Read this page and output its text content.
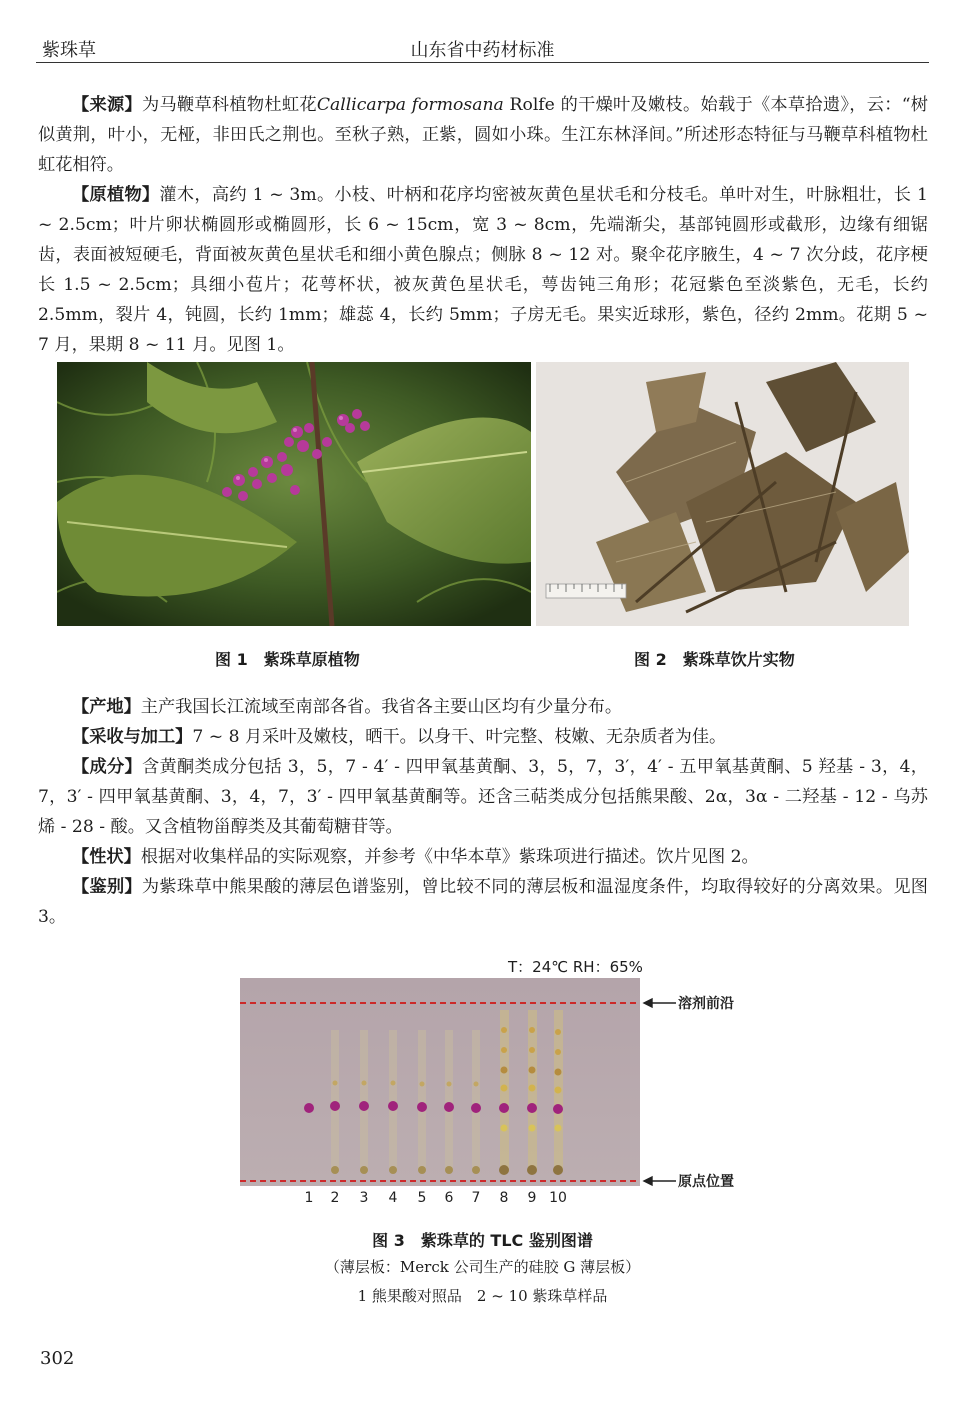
紫珠草	山东省中药材标准

【来源】为马鞭草科植物杜虹花Callicarpa formosana Rolfe 的干燥叶及嫩枝。始载于《本草拾遗》，云：“树似黄荆，叶小，无桠，非田氏之荆也。至秋子熟，正紫，圆如小珠。生江东林泽间。”所述形态特征与马鞭草科植物杜虹花相符。

【原植物】灌木，高约 1 ~ 3m。小枝、叶柄和花序均密被灰黄色星状毛和分枝毛。单叶对生，叶脉粗壮，长 1 ~ 2.5cm；叶片卵状椭圆形或椭圆形，长 6 ~ 15cm，宽 3 ~ 8cm，先端渐尖，基部钝圆形或截形，边缘有细锯齿，表面被短硬毛，背面被灰黄色星状毛和细小黄色腺点；侧脉 8 ~ 12 对。聚伞花序腋生，4 ~ 7 次分歧，花序梗长 1.5 ~ 2.5cm；具细小苞片；花萼杯状，被灰黄色星状毛，萼齿钝三角形；花冠紫色至淡紫色，无毛，长约 2.5mm，裂片 4，钝圆，长约 1mm；雄蕊 4，长约 5mm；子房无毛。果实近球形，紫色，径约 2mm。花期 5 ~ 7 月，果期 8 ~ 11 月。见图 1。

图 1　紫珠草原植物	图 2　紫珠草饮片实物

【产地】主产我国长江流域至南部各省。我省各主要山区均有少量分布。

【采收与加工】7 ~ 8 月采叶及嫩枝，晒干。以身干、叶完整、枝嫩、无杂质者为佳。

【成分】含黄酮类成分包括 3，5，7 - 4′ - 四甲氧基黄酮、3，5，7，3′，4′ - 五甲氧基黄酮、5 羟基 - 3，4，7，3′ - 四甲氧基黄酮、3，4，7，3′ - 四甲氧基黄酮等。还含三萜类成分包括熊果酸、2α，3α - 二羟基 - 12 - 乌苏烯 - 28 - 酸。又含植物甾醇类及其葡萄糖苷等。

【性状】根据对收集样品的实际观察，并参考《中华本草》紫珠项进行描述。饮片见图 2。

【鉴别】为紫珠草中熊果酸的薄层色谱鉴别，曾比较不同的薄层板和温湿度条件，均取得较好的分离效果。见图 3。

T：24℃ RH：65%
溶剂前沿
原点位置
1 2 3 4 5 6 7 8 9 10
图 3　紫珠草的 TLC 鉴别图谱
（薄层板：Merck 公司生产的硅胶 G 薄层板）
1 熊果酸对照品　2 ~ 10 紫珠草样品
302
